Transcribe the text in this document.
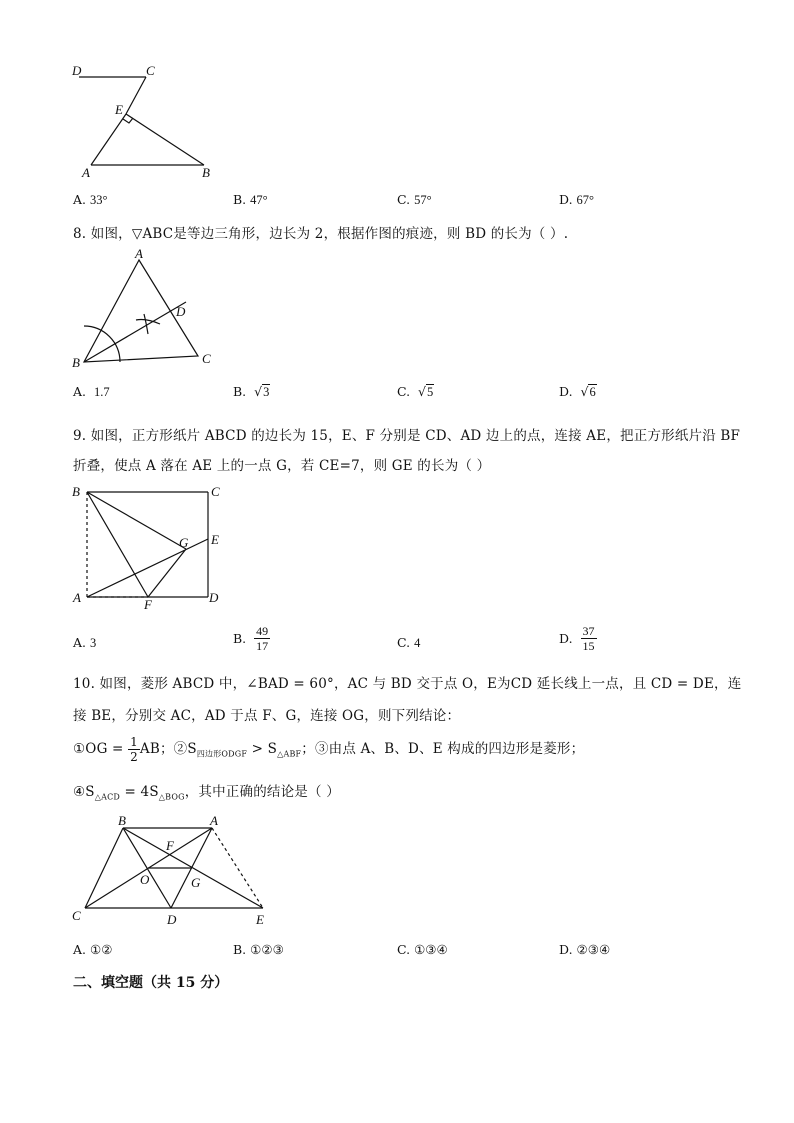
D	C
E
A	B
A. 33°	B. 47°	C. 57°	D. 67°
8. 如图，▽ABC是等边三角形，边长为 2，根据作图的痕迹，则 BD 的长为（ ）.
A
D
B	C
A. 1.7	B. √3	C. √5	D. √6
9. 如图，正方形纸片 ABCD 的边长为 15，E、F 分别是 CD、AD 边上的点，连接 AE，把正方形纸片沿 BF
折叠，使点 A 落在 AE 上的一点 G，若 CE=7，则 GE 的长为（ ）
B	C
G E
A	F	D
A. 3	B. $\frac{49}{17}$	C. 4	D. $\frac{37}{15}$
10. 如图，菱形 ABCD 中，∠BAD = 60°，AC 与 BD 交于点 O，E为CD 延长线上一点，且 CD = DE，连
接 BE，分别交 AC，AD 于点 F、G，连接 OG，则下列结论：
①OG = $\frac{1}{2}$ AB；$②S_{四边形ODGF} > S_{\triangle ABF}$；③由点 A、B、D、E 构成的四边形是菱形；
$④S_{\triangle ACD} = 4S_{\triangle BOG}$，其中正确的结论是（ ）
B	A
F
O	G
C	D	E
A. ①②	B. ①②③	C. ①③④	D. ②③④
二、填空题（共 15 分）
